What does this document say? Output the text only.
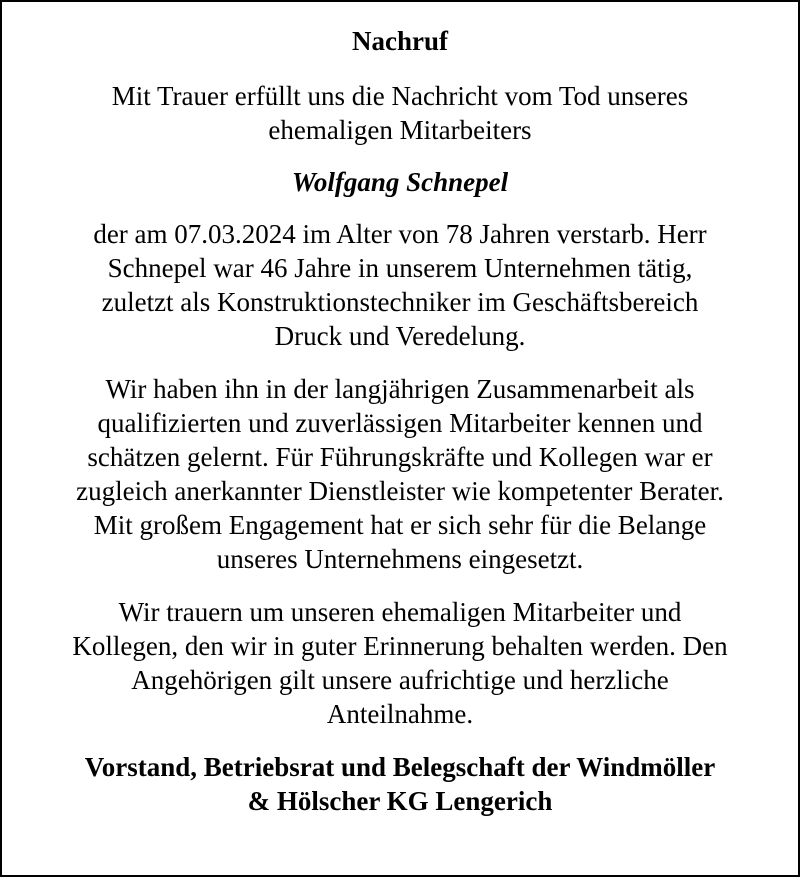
Nachruf
Mit Trauer erfüllt uns die Nachricht vom Tod unseres
ehemaligen Mitarbeiters
Wolfgang Schnepel
der am 07.03.2024 im Alter von 78 Jahren verstarb. Herr
Schnepel war 46 Jahre in unserem Unternehmen tätig,
zuletzt als Konstruktionstechniker im Geschäftsbereich
Druck und Veredelung.
Wir haben ihn in der langjährigen Zusammenarbeit als
qualifizierten und zuverlässigen Mitarbeiter kennen und
schätzen gelernt. Für Führungskräfte und Kollegen war er
zugleich anerkannter Dienstleister wie kompetenter Berater.
Mit großem Engagement hat er sich sehr für die Belange
unseres Unternehmens eingesetzt.
Wir trauern um unseren ehemaligen Mitarbeiter und
Kollegen, den wir in guter Erinnerung behalten werden. Den
Angehörigen gilt unsere aufrichtige und herzliche
Anteilnahme.
Vorstand, Betriebsrat und Belegschaft der Windmöller
& Hölscher KG Lengerich
